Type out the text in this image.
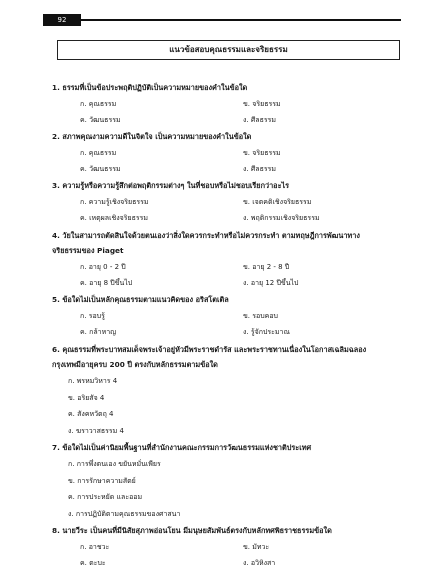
92
แนวข้อสอบคุณธรรมและจริยธรรม

1. ธรรมที่เป็นข้อประพฤติปฏิบัติเป็นความหมายของคำในข้อใด

ก. คุณธรรม	ข. จริยธรรม
ค. วัฒนธรรม	ง. ศีลธรรม

2. สภาพคุณงามความดีในจิตใจ เป็นความหมายของคำในข้อใด

ก. คุณธรรม	ข. จริยธรรม
ค. วัฒนธรรม	ง. ศีลธรรม

3. ความรู้หรือความรู้สึกต่อพฤติกรรมต่างๆ ในที่ชอบหรือไม่ชอบเรียกว่าอะไร

ก. ความรู้เชิงจริยธรรม	ข. เจตคติเชิงจริยธรรม
ค. เหตุผลเชิงจริยธรรม	ง. พฤติกรรมเชิงจริยธรรม

4. วัยในสามารถตัดสินใจด้วยตนเองว่าสิ่งใดควรกระทำหรือไม่ควรกระทำ ตามทฤษฎีการพัฒนาทาง

จริยธรรมของ Piaget

ก. อายุ 0 - 2 ปี	ข. อายุ 2 - 8 ปี
ค. อายุ 8 ปีขึ้นไป	ง. อายุ 12 ปีขึ้นไป

5. ข้อใดไม่เป็นหลักคุณธรรมตามแนวคิดของ อริสโตเติล

ก. รอบรู้	ข. รอบคอบ
ค. กล้าหาญ	ง. รู้จักประมาณ

6. คุณธรรมที่พระบาทสมเด็จพระเจ้าอยู่หัวมีพระราชดำรัส และพระราชทานเนื่องในโอกาสเฉลิมฉลอง

กรุงเทพมีอายุครบ 200 ปี ตรงกับหลักธรรมตามข้อใด

ก. พรหมวิหาร 4
ข. อริยสัจ 4
ค. สังคหวัตถุ 4
ง. ฆราวาสธรรม 4

7. ข้อใดไม่เป็นค่านิยมพื้นฐานที่สำนักงานคณะกรรมการวัฒนธรรมแห่งชาติประเทศ

ก. การพึ่งตนเอง ขยันหมั่นเพียร
ข. การรักษาความสัตย์
ค. การประหยัด และออม
ง. การปฏิบัติตามคุณธรรมของศาสนา

8. นายวีระ เป็นคนที่มีนิสัยสุภาพอ่อนโยน มีมนุษยสัมพันธ์ตรงกับหลักทศพิธราชธรรมข้อใด

ก. อาชวะ	ข. มัทวะ
ค. ตะบะ	ง. อวิหิงสา
